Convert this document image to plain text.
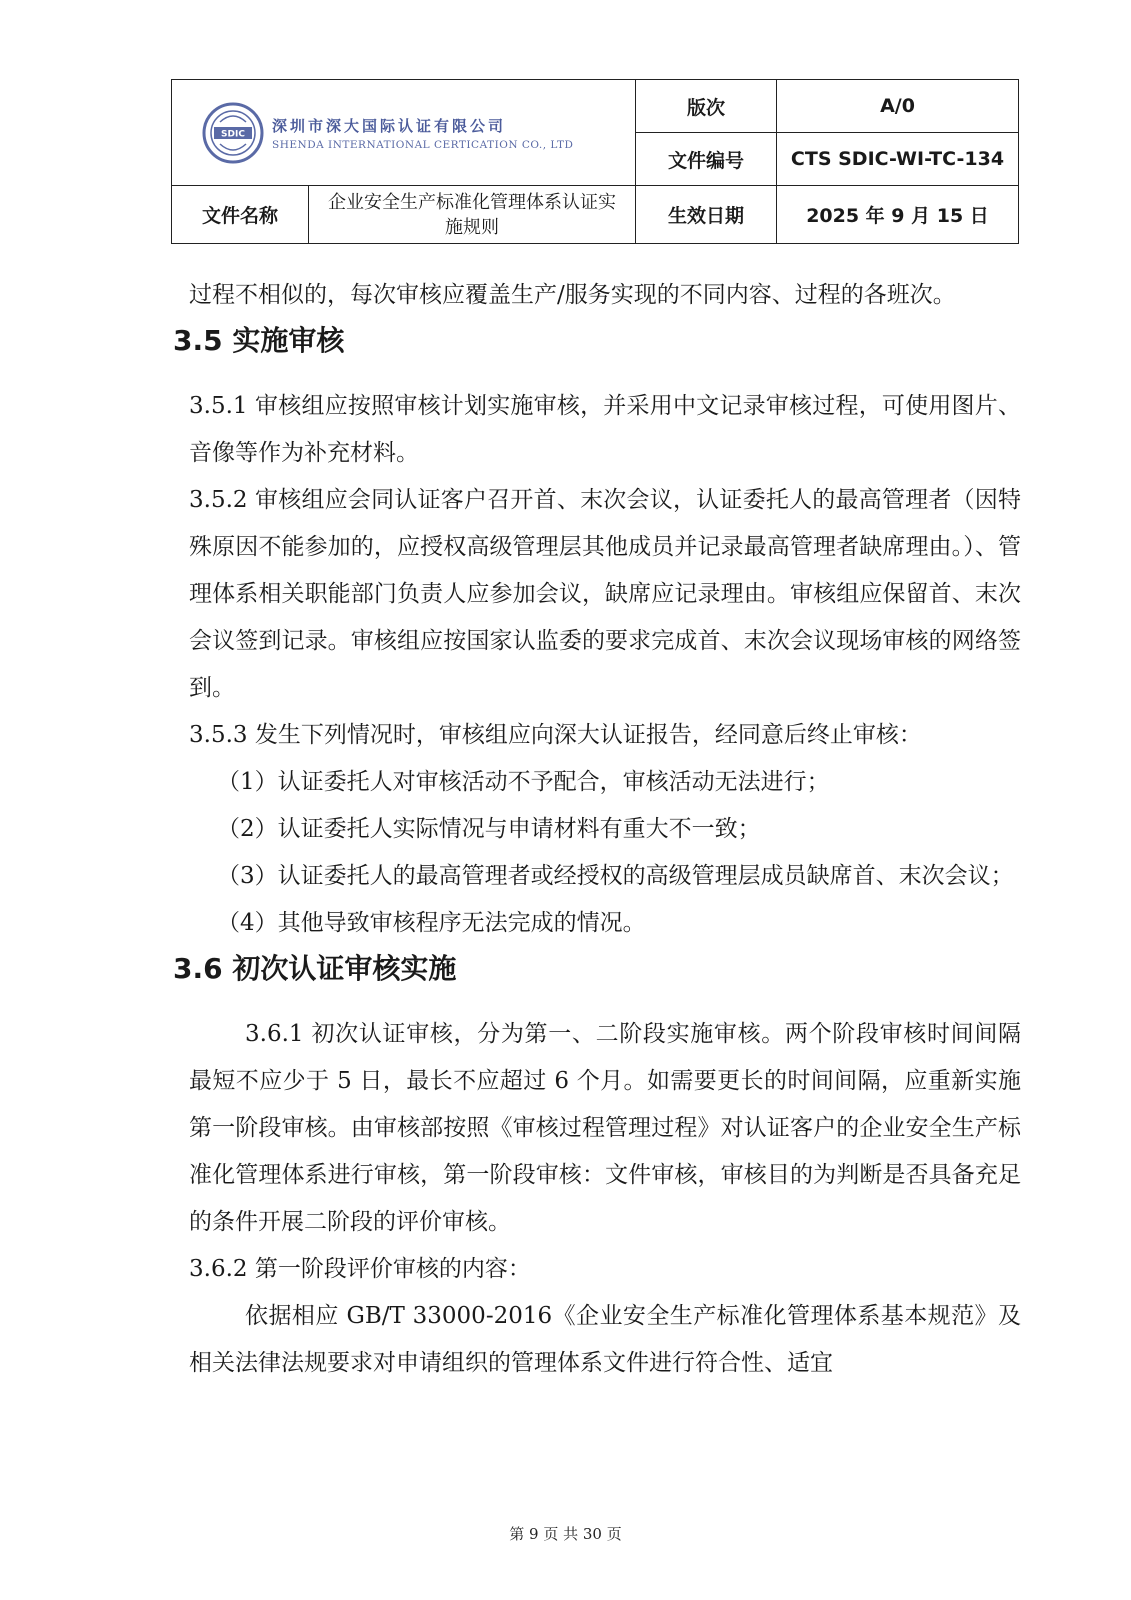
SDIC 深圳市深大国际认证有限公司
SHENDA INTERNATIONAL CERTICATION CO., LTD		版次	A/0
		文件编号	CTS SDIC-WI-TC-134
文件名称	企业安全生产标准化管理体系认证实施规则	生效日期	2025 年 9 月 15 日

过程不相似的，每次审核应覆盖生产/服务实现的不同内容、过程的各班次。

3.5 实施审核

3.5.1 审核组应按照审核计划实施审核，并采用中文记录审核过程，可使用图片、音像等作为补充材料。

3.5.2 审核组应会同认证客户召开首、末次会议，认证委托人的最高管理者（因特殊原因不能参加的，应授权高级管理层其他成员并记录最高管理者缺席理由。）、管理体系相关职能部门负责人应参加会议，缺席应记录理由。审核组应保留首、末次会议签到记录。审核组应按国家认监委的要求完成首、末次会议现场审核的网络签到。

3.5.3 发生下列情况时，审核组应向深大认证报告，经同意后终止审核：

（1）认证委托人对审核活动不予配合，审核活动无法进行；

（2）认证委托人实际情况与申请材料有重大不一致；

（3）认证委托人的最高管理者或经授权的高级管理层成员缺席首、末次会议；

（4）其他导致审核程序无法完成的情况。

3.6 初次认证审核实施

3.6.1 初次认证审核，分为第一、二阶段实施审核。两个阶段审核时间间隔最短不应少于 5 日，最长不应超过 6 个月。如需要更长的时间间隔，应重新实施第一阶段审核。由审核部按照《审核过程管理过程》对认证客户的企业安全生产标准化管理体系进行审核，第一阶段审核：文件审核，审核目的为判断是否具备充足的条件开展二阶段的评价审核。

3.6.2 第一阶段评价审核的内容：

依据相应 GB/T 33000-2016《企业安全生产标准化管理体系基本规范》及相关法律法规要求对申请组织的管理体系文件进行符合性、适宜

第 9 页 共 30 页
